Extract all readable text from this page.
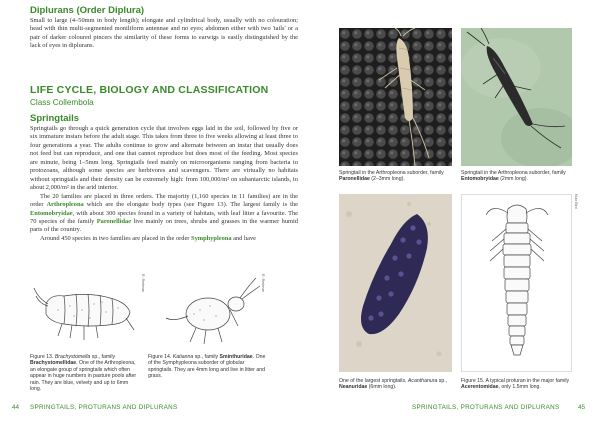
Diplurans (Order Diplura)

Small to large (4–50mm in body length); elongate and cylindrical body, usually with no colouration; head with thin multi-segmented moniliform antennae and no eyes; abdomen either with two 'tails' or a pair of darker coloured pincers the similarity of these forms to earwigs is easily distinguished by the lack of eyes in diplurans.

LIFE CYCLE, BIOLOGY AND CLASSIFICATION
Class Collembola
Springtails

Springtails go through a quick generation cycle that involves eggs laid in the soil, followed by five or six immature instars before the adult stage. This takes from three to five weeks allowing at least three to four generations a year. The adults continue to grow and alternate between an instar that usually does not feed but can reproduce, and one that cannot reproduce but does most of the feeding. Most species are minute, being 1–5mm long. Springtails feed mainly on microorganisms ranging from bacteria to protozoans, although some species are herbivores and scavengers. There are virtually no habitats without springtails and their density can be extremely high: from 100,000/m² on subantarctic islands, to about 2,000/m² in the arid interior.

The 20 families are placed in three orders. The majority (1,160 species in 11 families) are in the order Arthropleona which are the elongate body types (see Figure 13). The largest family is the Entomobryidae, with about 300 species found in a variety of habitats, with leaf litter a favourite. The 70 species of the family Paronellidae live mainly on trees, shrubs and grasses in the warmer humid parts of the country.

Around 450 species in two families are placed in the order Symphypleona and have

R. Redman	R. Redman
Figure 13. Brachystomella sp., family Brachystomellidae. One of the Arthropleona, an elongate group of springtails which often appear in huge numbers in pasture pools after rain. They are blue, velvety and up to 6mm long.
Figure 14. Katianna sp., family Sminthuridae. One of the Symphypleona suborder of globular springtails. They are 4mm long and live in litter and grass.
Springtail in the Arthropleona suborder, family Paronellidae (2–3mm long).
Springtail in the Arthropleona suborder, family Entomobryidae (2mm long).
One of the largest springtails, Acanthanura sp., Neanuridae (6mm long).
Klair Bird
Figure 15. A typical proturan in the major family Acerentomidae, only 1.5mm long.
44 SPRINGTAILS, PROTURANS AND DIPLURANS	SPRINGTAILS, PROTURANS AND DIPLURANS	45
